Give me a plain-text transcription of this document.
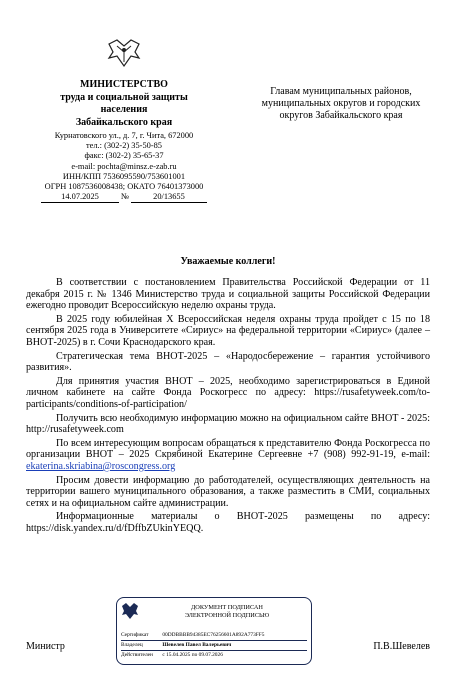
МИНИСТЕРСТВО
труда и социальной защиты
населения
Забайкальского края
Курнатовского ул., д. 7, г. Чита, 672000
тел.: (302-2) 35-50-85
факс: (302-2) 35-65-37
e-mail: pochta@minsz.e-zab.ru
ИНН/КПП 7536095590/753601001
ОГРН 1087536008438; ОКАТО 76401373000
14.07.2025	№	20/13655
Главам муниципальных районов,
муниципальных округов и городских
округов Забайкальского края
Уважаемые коллеги!

В соответствии с постановлением Правительства Российской Федерации от 11 декабря 2015 г. № 1346 Министерство труда и социальной защиты Российской Федерации ежегодно проводит Всероссийскую неделю охраны труда.

В 2025 году юбилейная X Всероссийская неделя охраны труда пройдет с 15 по 18 сентября 2025 года в Университете «Сириус» на федеральной территории «Сириус» (далее – ВНОТ-2025) в г. Сочи Краснодарского края.

Стратегическая тема ВНОТ-2025 – «Народосбережение – гарантия устойчивого развития».

Для принятия участия ВНОТ – 2025, необходимо зарегистрироваться в Единой личном кабинете на сайте Фонда Роскогресс по адресу: https://rusafetyweek.com/to-participants/conditions-of-participation/

Получить всю необходимую информацию можно на официальном сайте ВНОТ - 2025: http://rusafetyweek.com

По всем интересующим вопросам обращаться к представителю Фонда Роскогресса по организации ВНОТ – 2025 Скрябиной Екатерине Сергеевне +7 (908) 992-91-19, e-mail: ekaterina.skriabina@roscongress.org

Просим довести информацию до работодателей, осуществляющих деятельность на территории вашего муниципального образования, а также разместить в СМИ, социальных сетях и на официальном сайте администрации.

Информационные материалы о ВНОТ-2025 размещены по адресу: https://disk.yandex.ru/d/fDffbZUkinYEQQ.

Министр	П.В.Шевелев
ДОКУМЕНТ ПОДПИСАН
ЭЛЕКТРОННОЙ ПОДПИСЬЮ
Сертификат	00DDBBBB94385EC76256601A892A773FF5
Владелец	Шевелев Павел Валерьевич
Действителен с 15.04.2025 по 09.07.2026
